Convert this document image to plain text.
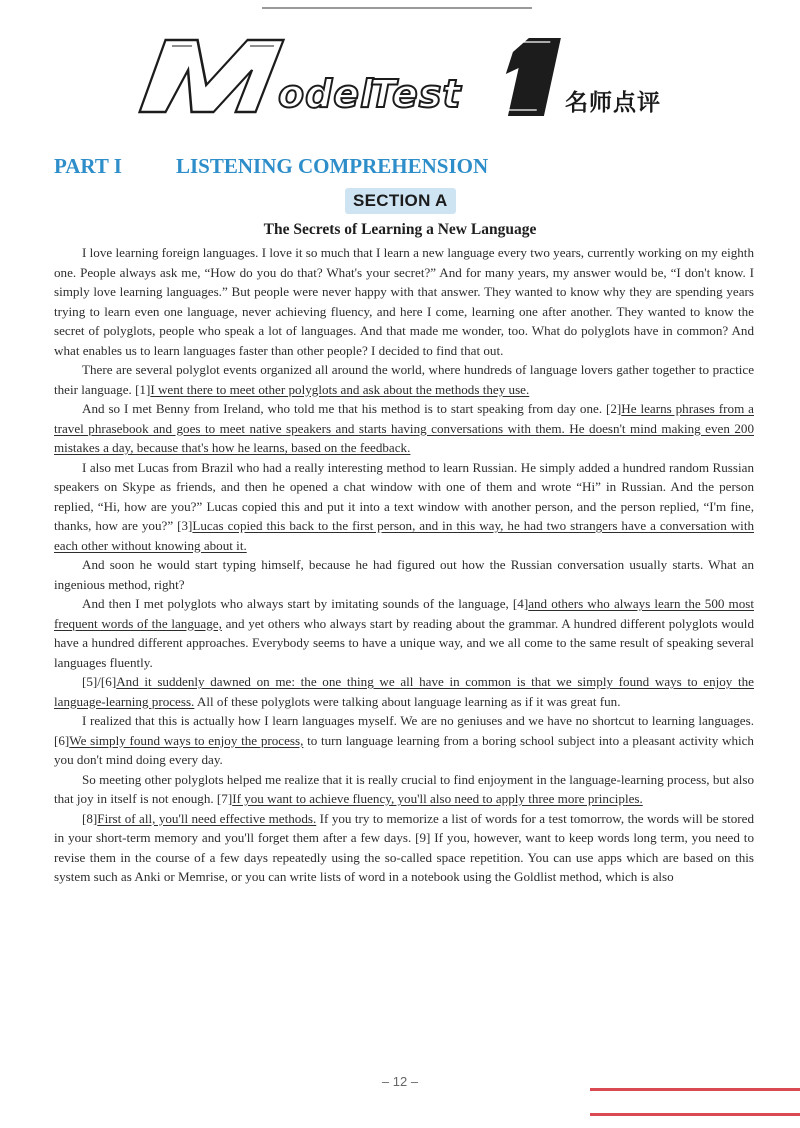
odel
Test	名师点评
PART I	LISTENING COMPREHENSION
SECTION A
The Secrets of Learning a New Language

I love learning foreign languages. I love it so much that I learn a new language every two years, currently working on my eighth one. People always ask me, “How do you do that? What's your secret?” And for many years, my answer would be, “I don't know. I simply love learning languages.” But people were never happy with that answer. They wanted to know why they are spending years trying to learn even one language, never achieving fluency, and here I come, learning one after another. They wanted to know the secret of polyglots, people who speak a lot of languages. And that made me wonder, too. What do polyglots have in common? And what enables us to learn languages faster than other people? I decided to find that out.

There are several polyglot events organized all around the world, where hundreds of language lovers gather together to practice their language. [1]I went there to meet other polyglots and ask about the methods they use.

And so I met Benny from Ireland, who told me that his method is to start speaking from day one. [2]He learns phrases from a travel phrasebook and goes to meet native speakers and starts having conversations with them. He doesn't mind making even 200 mistakes a day, because that's how he learns, based on the feedback.

I also met Lucas from Brazil who had a really interesting method to learn Russian. He simply added a hundred random Russian speakers on Skype as friends, and then he opened a chat window with one of them and wrote “Hi” in Russian. And the person replied, “Hi, how are you?” Lucas copied this and put it into a text window with another person, and the person replied, “I'm fine, thanks, how are you?” [3]Lucas copied this back to the first person, and in this way, he had two strangers have a conversation with each other without knowing about it.

And soon he would start typing himself, because he had figured out how the Russian conversation usually starts. What an ingenious method, right?

And then I met polyglots who always start by imitating sounds of the language, [4]and others who always learn the 500 most frequent words of the language, and yet others who always start by reading about the grammar. A hundred different polyglots would have a hundred different approaches. Everybody seems to have a unique way, and we all come to the same result of speaking several languages fluently.

[5]/[6]And it suddenly dawned on me: the one thing we all have in common is that we simply found ways to enjoy the language-learning process. All of these polyglots were talking about language learning as if it was great fun.

I realized that this is actually how I learn languages myself. We are no geniuses and we have no shortcut to learning languages. [6]We simply found ways to enjoy the process, to turn language learning from a boring school subject into a pleasant activity which you don't mind doing every day.

So meeting other polyglots helped me realize that it is really crucial to find enjoyment in the language-learning process, but also that joy in itself is not enough. [7]If you want to achieve fluency, you'll also need to apply three more principles.

[8]First of all, you'll need effective methods. If you try to memorize a list of words for a test tomorrow, the words will be stored in your short-term memory and you'll forget them after a few days. [9] If you, however, want to keep words long term, you need to revise them in the course of a few days repeatedly using the so-called space repetition. You can use apps which are based on this system such as Anki or Memrise, or you can write lists of word in a notebook using the Goldlist method, which is also

– 12 –
